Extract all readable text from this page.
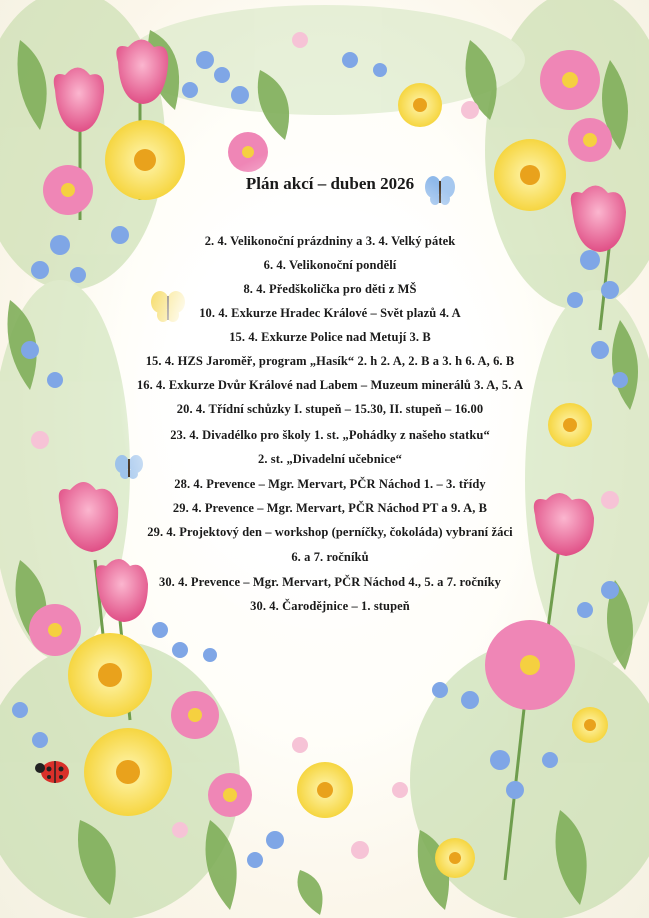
Plán akcí – duben 2026
2. 4. Velikonoční prázdniny a 3. 4. Velký pátek
6. 4. Velikonoční pondělí
8. 4. Předškolička pro děti z MŠ
10. 4. Exkurze Hradec Králové – Svět plazů 4. A
15. 4. Exkurze Police nad Metují 3. B
15. 4. HZS Jaroměř, program „Hasík“ 2. h 2. A, 2. B a 3. h 6. A, 6. B
16. 4. Exkurze Dvůr Králové nad Labem – Muzeum minerálů 3. A, 5. A
20. 4. Třídní schůzky I. stupeň – 15.30, II. stupeň – 16.00
23. 4. Divadélko pro školy 1. st. „Pohádky z našeho statku“
2. st. „Divadelní učebnice“
28. 4. Prevence – Mgr. Mervart, PČR Náchod 1. – 3. třídy
29. 4. Prevence – Mgr. Mervart, PČR Náchod PT a 9. A, B
29. 4. Projektový den – workshop (perníčky, čokoláda) vybraní žáci
6. a 7. ročníků
30. 4. Prevence – Mgr. Mervart, PČR Náchod 4., 5. a 7. ročníky
30. 4. Čarodějnice – 1. stupeň
